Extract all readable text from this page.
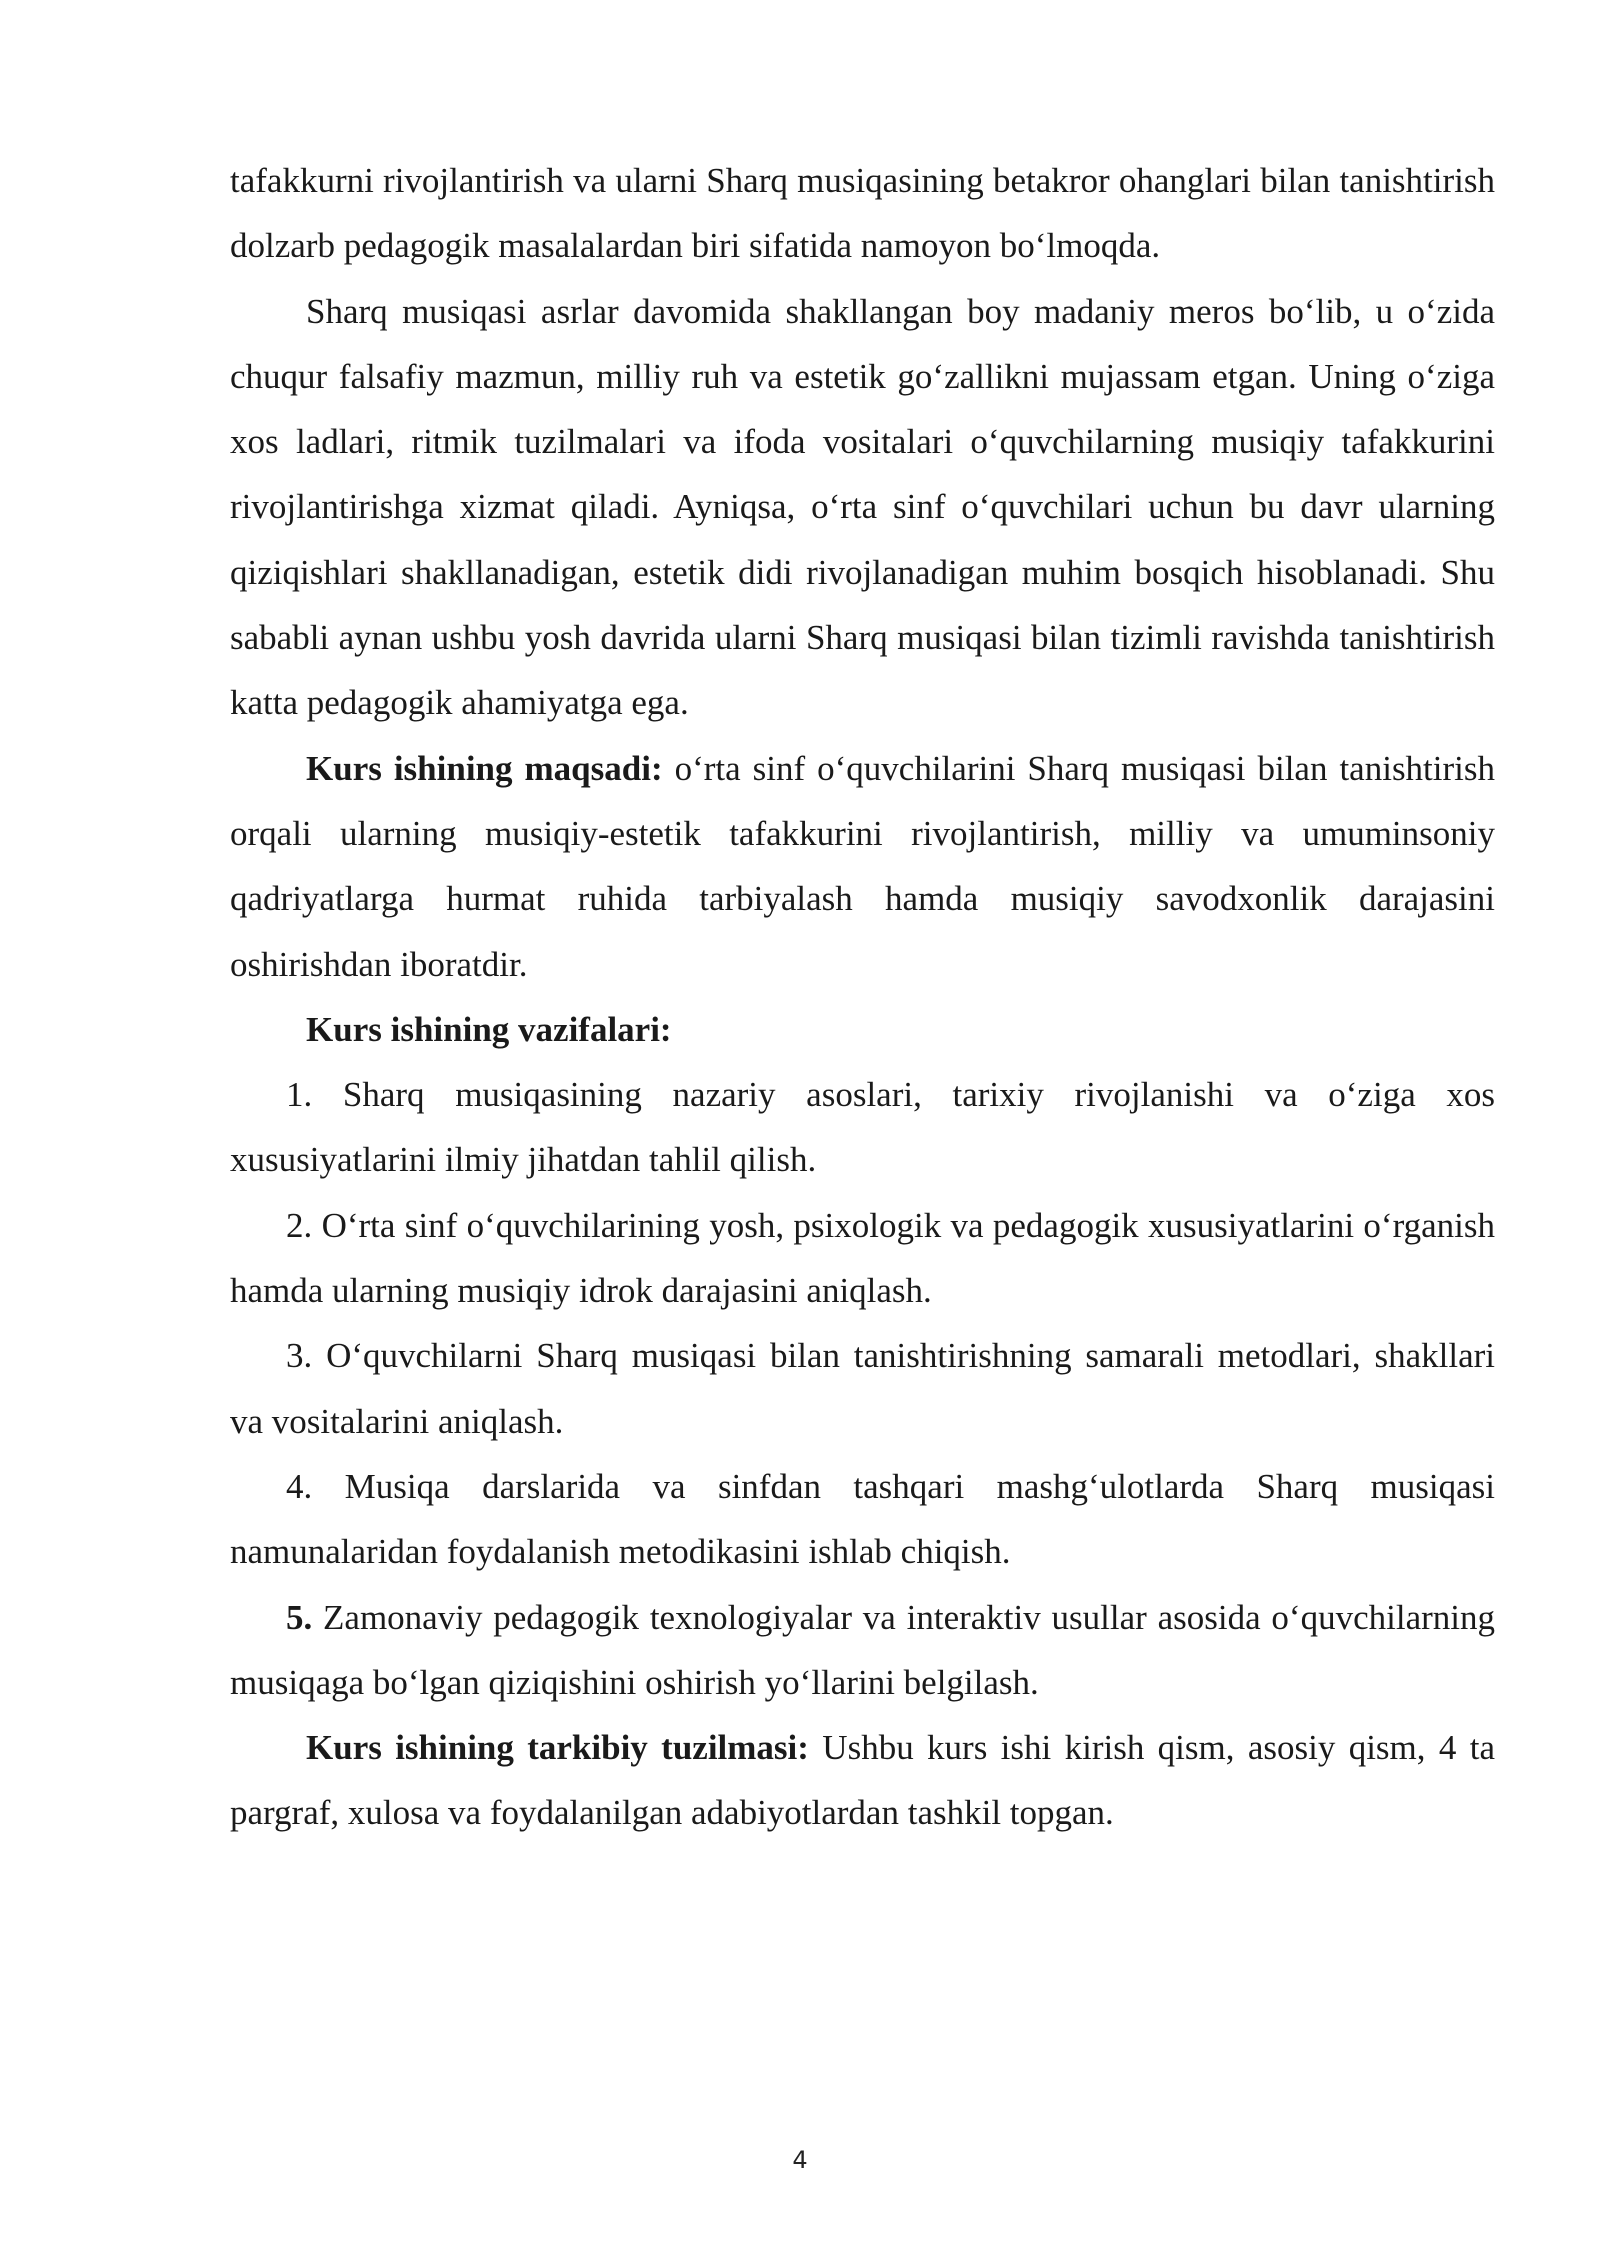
tafakkurni rivojlantirish va ularni Sharq musiqasining betakror ohanglari bilan tanishtirish dolzarb pedagogik masalalardan biri sifatida namoyon bo‘lmoqda.

Sharq musiqasi asrlar davomida shakllangan boy madaniy meros bo‘lib, u o‘zida chuqur falsafiy mazmun, milliy ruh va estetik go‘zallikni mujassam etgan. Uning o‘ziga xos ladlari, ritmik tuzilmalari va ifoda vositalari o‘quvchilarning musiqiy tafakkurini rivojlantirishga xizmat qiladi. Ayniqsa, o‘rta sinf o‘quvchilari uchun bu davr ularning qiziqishlari shakllanadigan, estetik didi rivojlanadigan muhim bosqich hisoblanadi. Shu sababli aynan ushbu yosh davrida ularni Sharq musiqasi bilan tizimli ravishda tanishtirish katta pedagogik ahamiyatga ega.

Kurs ishining maqsadi: o‘rta sinf o‘quvchilarini Sharq musiqasi bilan tanishtirish orqali ularning musiqiy-estetik tafakkurini rivojlantirish, milliy va umuminsoniy qadriyatlarga hurmat ruhida tarbiyalash hamda musiqiy savodxonlik darajasini oshirishdan iboratdir.

Kurs ishining vazifalari:

1. Sharq musiqasining nazariy asoslari, tarixiy rivojlanishi va o‘ziga xos xususiyatlarini ilmiy jihatdan tahlil qilish.

2. O‘rta sinf o‘quvchilarining yosh, psixologik va pedagogik xususiyatlarini o‘rganish hamda ularning musiqiy idrok darajasini aniqlash.

3. O‘quvchilarni Sharq musiqasi bilan tanishtirishning samarali metodlari, shakllari va vositalarini aniqlash.

4. Musiqa darslarida va sinfdan tashqari mashg‘ulotlarda Sharq musiqasi namunalaridan foydalanish metodikasini ishlab chiqish.

5. Zamonaviy pedagogik texnologiyalar va interaktiv usullar asosida o‘quvchilarning musiqaga bo‘lgan qiziqishini oshirish yo‘llarini belgilash.

Kurs ishining tarkibiy tuzilmasi: Ushbu kurs ishi kirish qism, asosiy qism, 4 ta pargraf, xulosa va foydalanilgan adabiyotlardan tashkil topgan.

4
